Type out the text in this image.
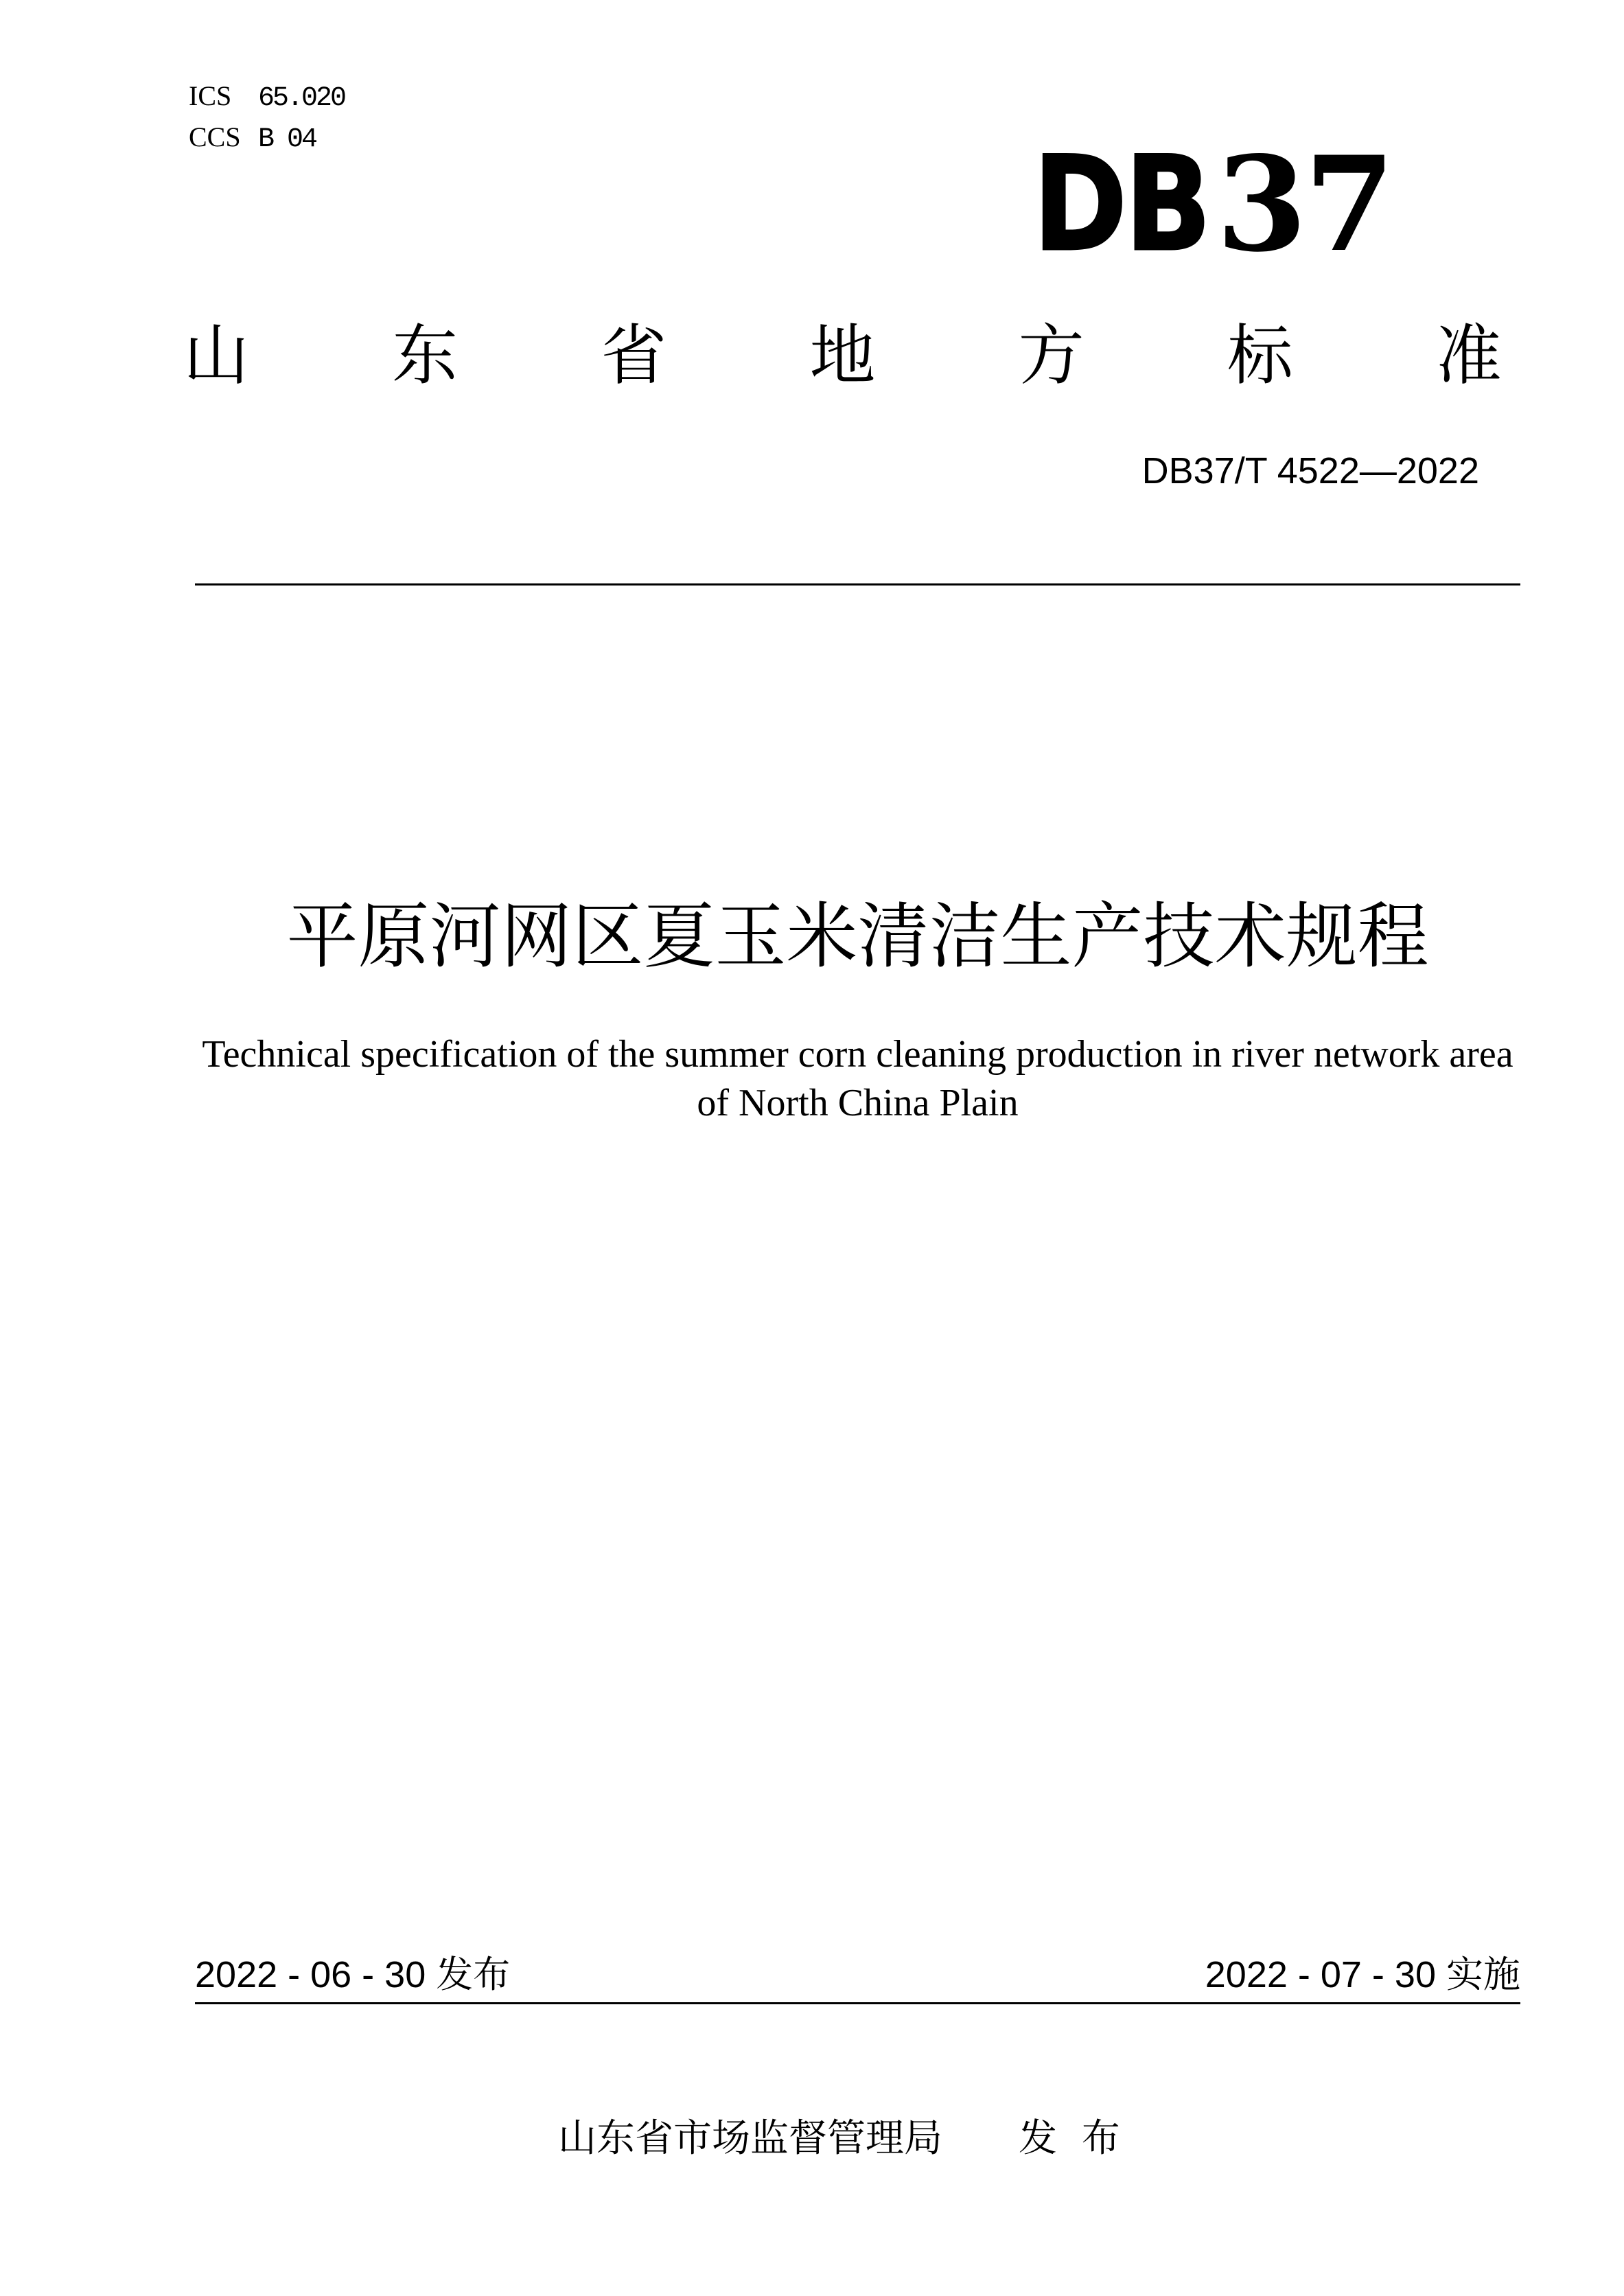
ICS 65.020
CCS B 04	DB 37
山 东 省 地 方 标 准
DB37/T 4522—2022
平原河网区夏玉米清洁生产技术规程
Technical specification of the summer corn cleaning production in river network area
of North China Plain
2022 - 06 - 30 发布	2022 - 07 - 30 实施
山东省市场监督管理局 发 布
